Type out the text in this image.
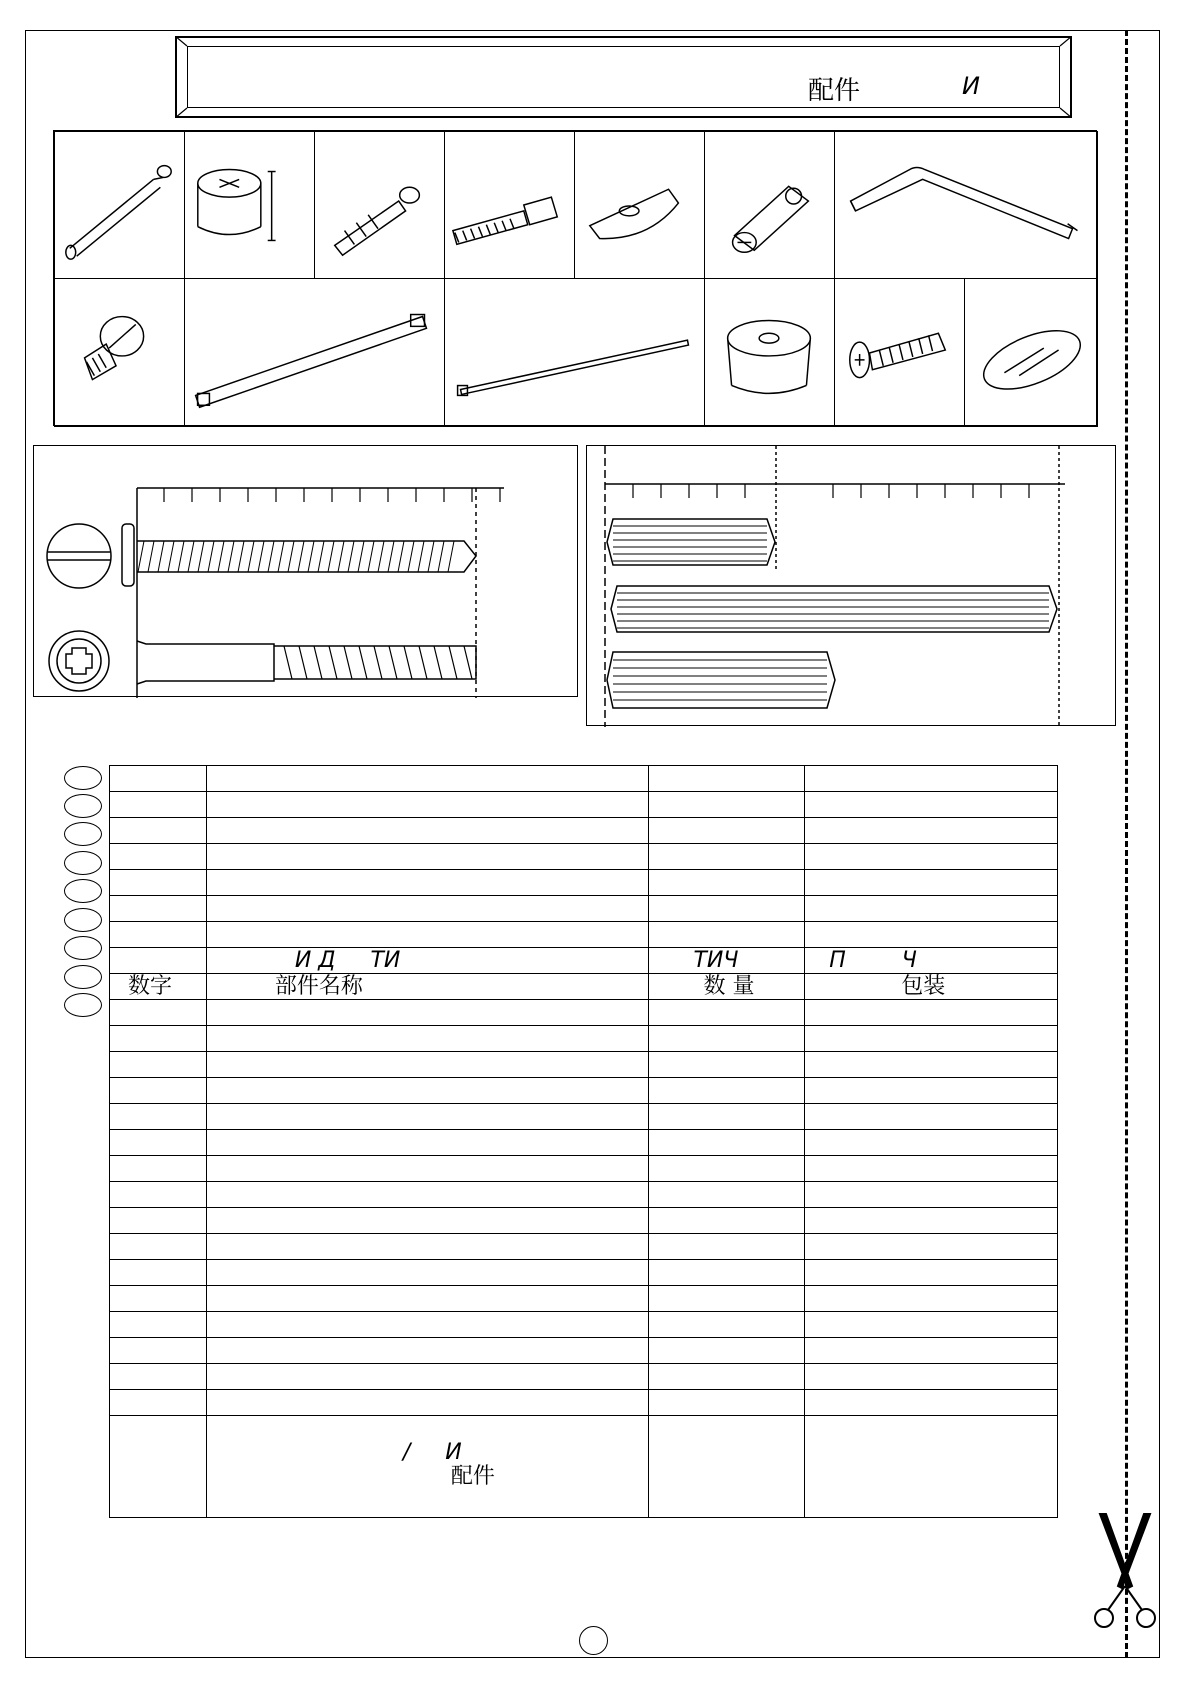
配件	И

	И Д     ТИ	ТИЧ	П        Ч
数字	部件名称	数 量	包装

/     И
配件		
